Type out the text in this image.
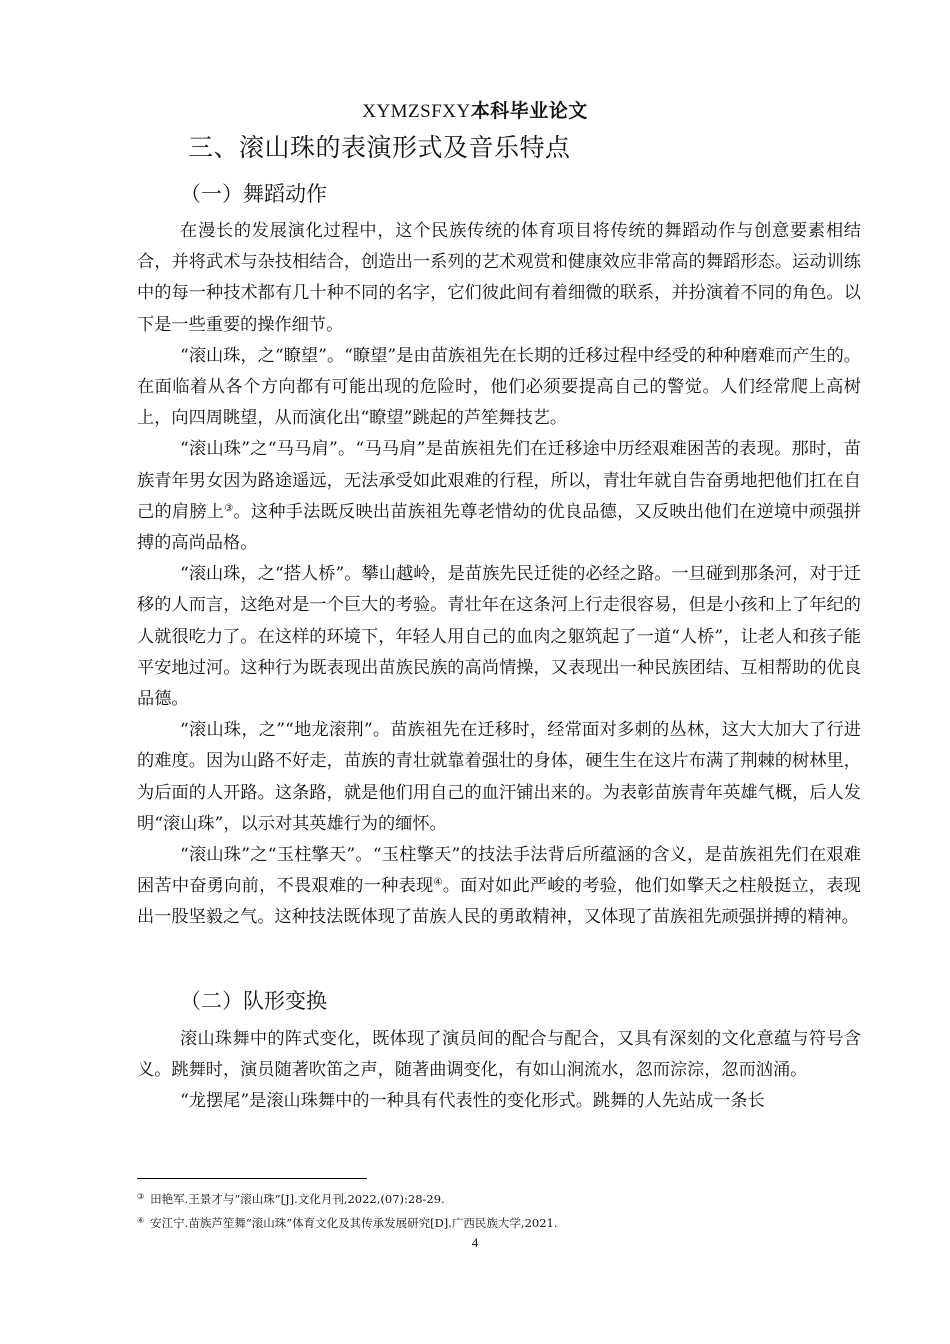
XYMZSFXY本科毕业论文
三、滚山珠的表演形式及音乐特点
（一）舞蹈动作

在漫长的发展演化过程中，这个民族传统的体育项目将传统的舞蹈动作与创意要素相结合，并将武术与杂技相结合，创造出一系列的艺术观赏和健康效应非常高的舞蹈形态。运动训练中的每一种技术都有几十种不同的名字，它们彼此间有着细微的联系，并扮演着不同的角色。以下是一些重要的操作细节。

“滚山珠，之“瞭望”。“瞭望”是由苗族祖先在长期的迁移过程中经受的种种磨难而产生的。在面临着从各个方向都有可能出现的危险时，他们必须要提高自己的警觉。人们经常爬上高树上，向四周眺望，从而演化出“瞭望”跳起的芦笙舞技艺。

“滚山珠”之“马马肩”。“马马肩”是苗族祖先们在迁移途中历经艰难困苦的表现。那时，苗族青年男女因为路途遥远，无法承受如此艰难的行程，所以，青壮年就自告奋勇地把他们扛在自己的肩膀上③。这种手法既反映出苗族祖先尊老惜幼的优良品德，又反映出他们在逆境中顽强拼搏的高尚品格。

“滚山珠，之“搭人桥”。攀山越岭，是苗族先民迁徙的必经之路。一旦碰到那条河，对于迁移的人而言，这绝对是一个巨大的考验。青壮年在这条河上行走很容易，但是小孩和上了年纪的人就很吃力了。在这样的环境下，年轻人用自己的血肉之躯筑起了一道“人桥”，让老人和孩子能平安地过河。这种行为既表现出苗族民族的高尚情操，又表现出一种民族团结、互相帮助的优良品德。

“滚山珠，之”“地龙滚荆”。苗族祖先在迁移时，经常面对多刺的丛林，这大大加大了行进的难度。因为山路不好走，苗族的青壮就靠着强壮的身体，硬生生在这片布满了荆棘的树林里，为后面的人开路。这条路，就是他们用自己的血汗铺出来的。为表彰苗族青年英雄气概，后人发明“滚山珠”，以示对其英雄行为的缅怀。

“滚山珠”之“玉柱擎天”。“玉柱擎天”的技法手法背后所蕴涵的含义，是苗族祖先们在艰难困苦中奋勇向前，不畏艰难的一种表现④。面对如此严峻的考验，他们如擎天之柱般挺立，表现出一股坚毅之气。这种技法既体现了苗族人民的勇敢精神，又体现了苗族祖先顽强拼搏的精神。

（二）队形变换

滚山珠舞中的阵式变化，既体现了演员间的配合与配合，又具有深刻的文化意蕴与符号含义。跳舞时，演员随著吹笛之声，随著曲调变化，有如山涧流水，忽而淙淙，忽而汹涌。

“龙摆尾”是滚山珠舞中的一种具有代表性的变化形式。跳舞的人先站成一条长

③ 田艳军.王景才与“滚山珠”[J].文化月刊,2022,(07):28-29.
④ 安江宁.苗族芦笙舞“滚山珠”体育文化及其传承发展研究[D].广西民族大学,2021.
4
